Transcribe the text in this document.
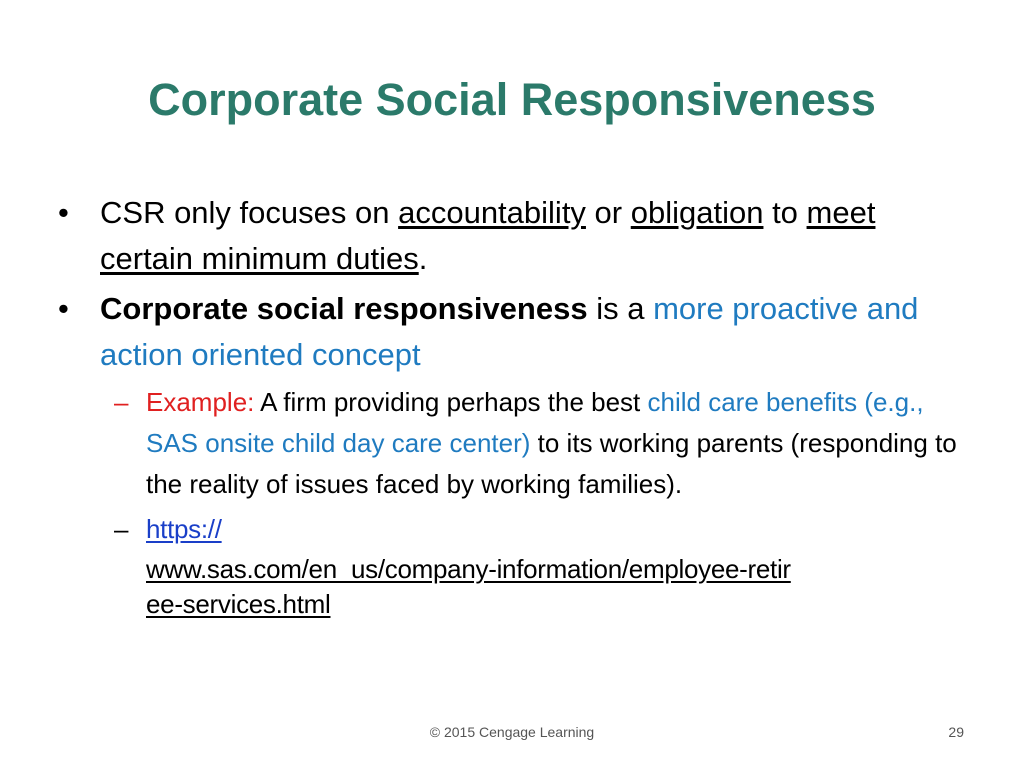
Corporate Social Responsiveness
• CSR only focuses on accountability or obligation to meet certain minimum duties.
• Corporate social responsiveness is a more proactive and action oriented concept
– Example: A firm providing perhaps the best child care benefits (e.g., SAS onsite child day care center) to its working parents (responding to the reality of issues faced by working families).
– https://
www.sas.com/en_us/company-information/employee-retir
ee-services.html
© 2015 Cengage Learning	29
